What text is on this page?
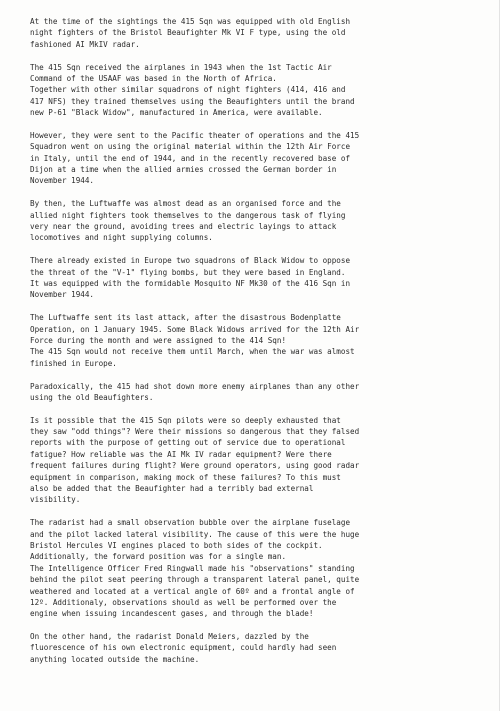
At the time of the sightings the 415 Sqn was equipped with old English
night fighters of the Bristol Beaufighter Mk VI F type, using the old
fashioned AI MkIV radar.
The 415 Sqn received the airplanes in 1943 when the 1st Tactic Air
Command of the USAAF was based in the North of Africa.
Together with other similar squadrons of night fighters (414, 416 and
417 NFS) they trained themselves using the Beaufighters until the brand
new P-61 "Black Widow", manufactured in America, were available.
However, they were sent to the Pacific theater of operations and the 415
Squadron went on using the original material within the 12th Air Force
in Italy, until the end of 1944, and in the recently recovered base of
Dijon at a time when the allied armies crossed the German border in
November 1944.
By then, the Luftwaffe was almost dead as an organised force and the
allied night fighters took themselves to the dangerous task of flying
very near the ground, avoiding trees and electric layings to attack
locomotives and night supplying columns.
There already existed in Europe two squadrons of Black Widow to oppose
the threat of the "V-1" flying bombs, but they were based in England.
It was equipped with the formidable Mosquito NF Mk30 of the 416 Sqn in
November 1944.
The Luftwaffe sent its last attack, after the disastrous Bodenplatte
Operation, on 1 January 1945. Some Black Widows arrived for the 12th Air
Force during the month and were assigned to the 414 Sqn!
The 415 Sqn would not receive them until March, when the war was almost
finished in Europe.
Paradoxically, the 415 had shot down more enemy airplanes than any other
using the old Beaufighters.
Is it possible that the 415 Sqn pilots were so deeply exhausted that
they saw "odd things"? Were their missions so dangerous that they falsed
reports with the purpose of getting out of service due to operational
fatigue? How reliable was the AI Mk IV radar equipment? Were there
frequent failures during flight? Were ground operators, using good radar
equipment in comparison, making mock of these failures? To this must
also be added that the Beaufighter had a terribly bad external
visibility.
The radarist had a small observation bubble over the airplane fuselage
and the pilot lacked lateral visibility. The cause of this were the huge
Bristol Hercules VI engines placed to both sides of the cockpit.
Additionally, the forward position was for a single man.
The Intelligence Officer Fred Ringwall made his "observations" standing
behind the pilot seat peering through a transparent lateral panel, quite
weathered and located at a vertical angle of 60º and a frontal angle of
12º. Additionaly, observations should as well be performed over the
engine when issuing incandescent gases, and through the blade!
On the other hand, the radarist Donald Meiers, dazzled by the
fluorescence of his own electronic equipment, could hardly had seen
anything located outside the machine.
